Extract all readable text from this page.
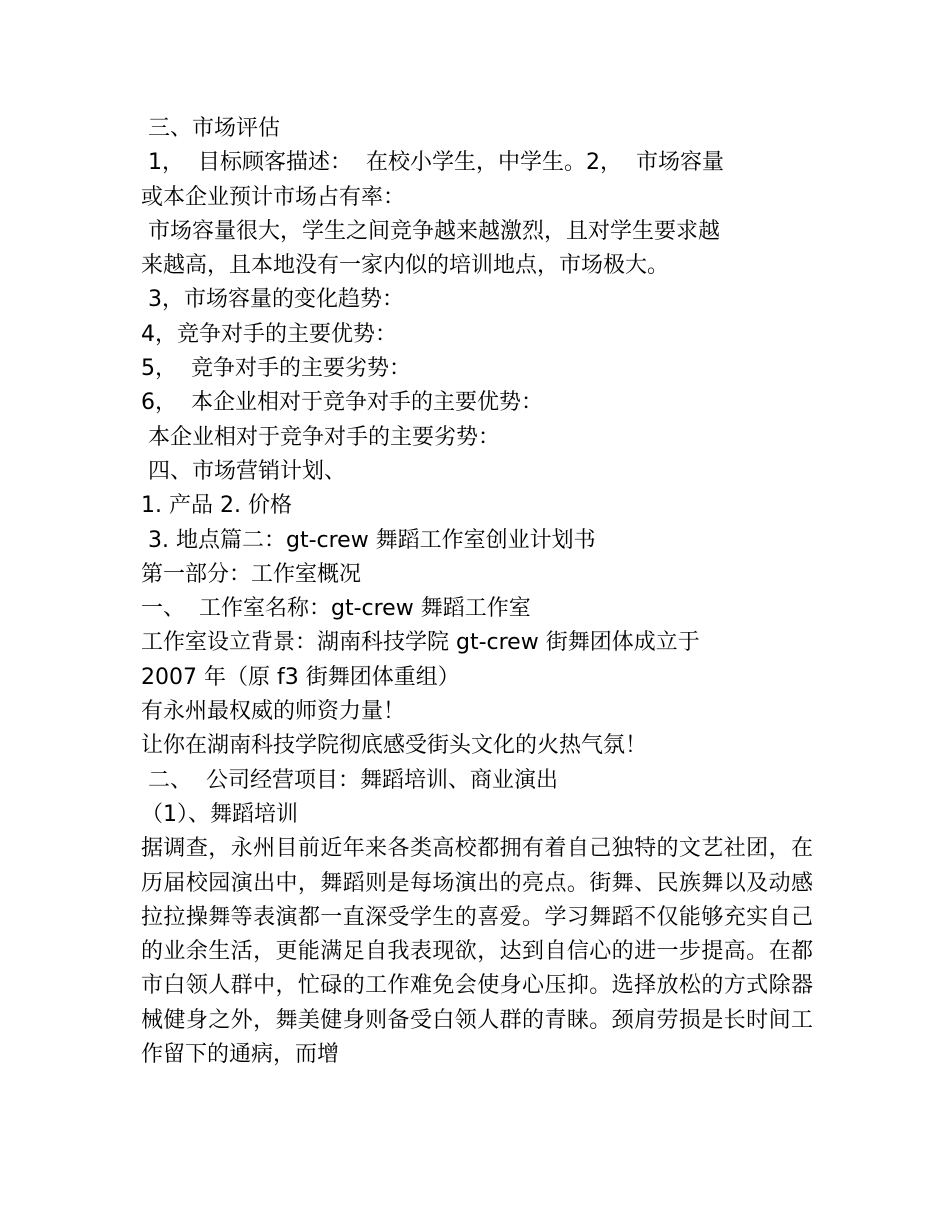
三、市场评估
1，  目标顾客描述：  在校小学生，中学生。2，  市场容量
或本企业预计市场占有率：
市场容量很大，学生之间竞争越来越激烈，且对学生要求越
来越高，且本地没有一家内似的培训地点，市场极大。
3，市场容量的变化趋势：
4，竞争对手的主要优势：
5，  竞争对手的主要劣势：
6，  本企业相对于竞争对手的主要优势：
本企业相对于竞争对手的主要劣势：
四、市场营销计划、
1. 产品 2. 价格
3. 地点篇二：gt-crew 舞蹈工作室创业计划书
第一部分：工作室概况
一、  工作室名称：gt-crew 舞蹈工作室
工作室设立背景：湖南科技学院 gt-crew 街舞团体成立于
2007 年（原 f3 街舞团体重组）
有永州最权威的师资力量！
让你在湖南科技学院彻底感受街头文化的火热气氛！
二、  公司经营项目：舞蹈培训、商业演出
（1）、舞蹈培训
据调查，永州目前近年来各类高校都拥有着自己独特的文艺社团，在历届校园演出中，舞蹈则是每场演出的亮点。街舞、民族舞以及动感拉拉操舞等表演都一直深受学生的喜爱。学习舞蹈不仅能够充实自己的业余生活，更能满足自我表现欲，达到自信心的进一步提高。在都市白领人群中，忙碌的工作难免会使身心压抑。选择放松的方式除器械健身之外，舞美健身则备受白领人群的青睐。颈肩劳损是长时间工作留下的通病，而增
